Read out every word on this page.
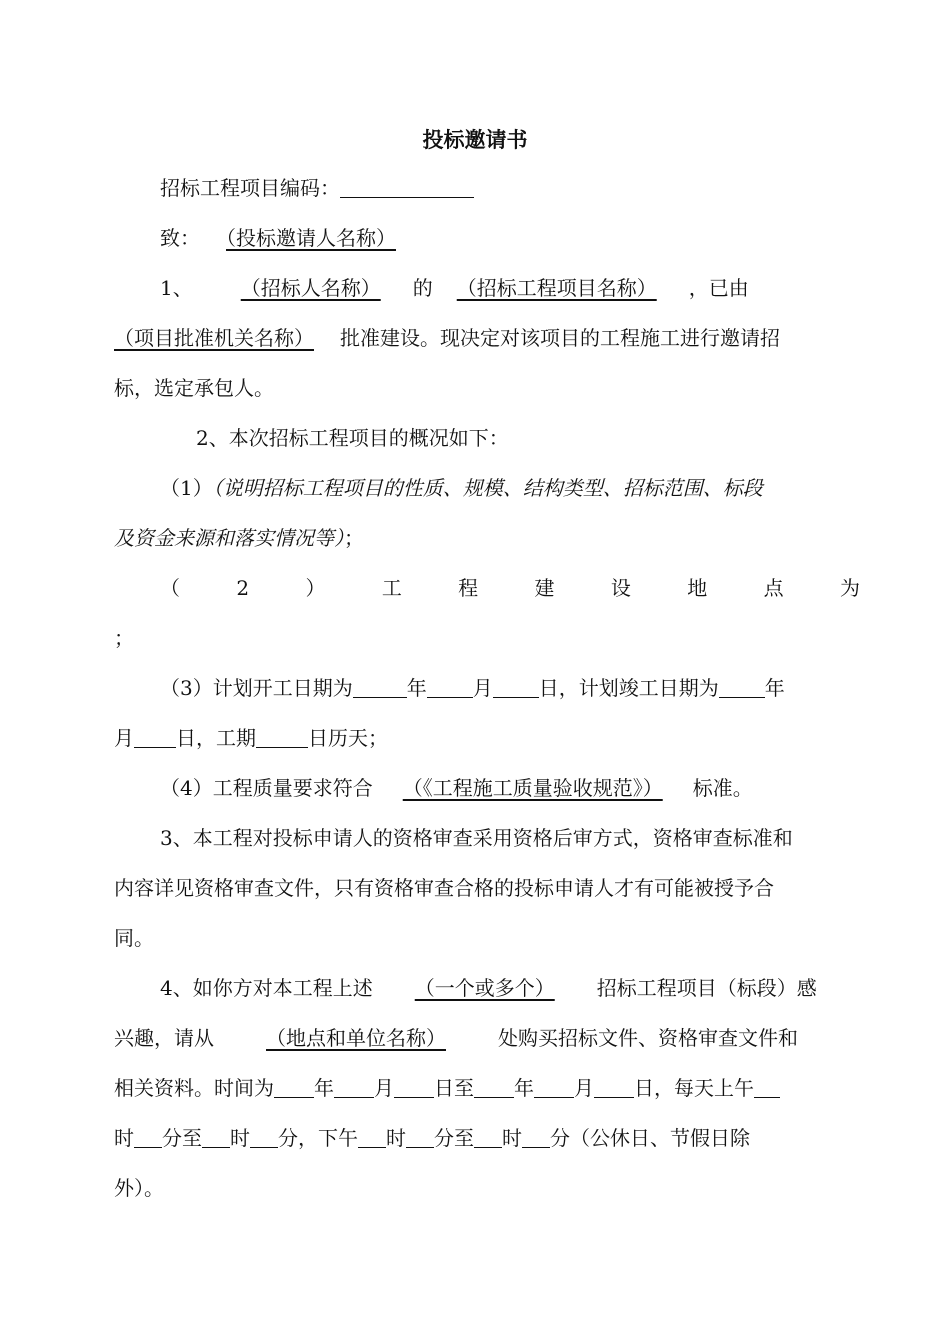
投标邀请书
招标工程项目编码：
致： （投标邀请人名称）
1、 （招标人名称） 的 （招标工程项目名称） ，已由
（项目批准机关名称） 批准建设。现决定对该项目的工程施工进行邀请招
标，选定承包人。
2、本次招标工程项目的概况如下：
（1）（说明招标工程项目的性质、规模、结构类型、招标范围、标段
及资金来源和落实情况等）；
（	2	）	工	程	建	设	地	点	为
；
（3）计划开工日期为	年 月 日，计划竣工日期为 年
月 日，工期	日历天；
（4）工程质量要求符合 （《工程施工质量验收规范》） 标准。
3、本工程对投标申请人的资格审查采用资格后审方式，资格审查标准和
内容详见资格审查文件，只有资格审查合格的投标申请人才有可能被授予合
同。
4、如你方对本工程上述 （一个或多个） 招标工程项目（标段）感
兴趣，请从	（地点和单位名称）	处购买招标文件、资格审查文件和
相关资料。时间为 年 月 日至 年 月 日，每天上午
时 分至 时 分，下午 时 分至 时 分（公休日、节假日除
外）。
